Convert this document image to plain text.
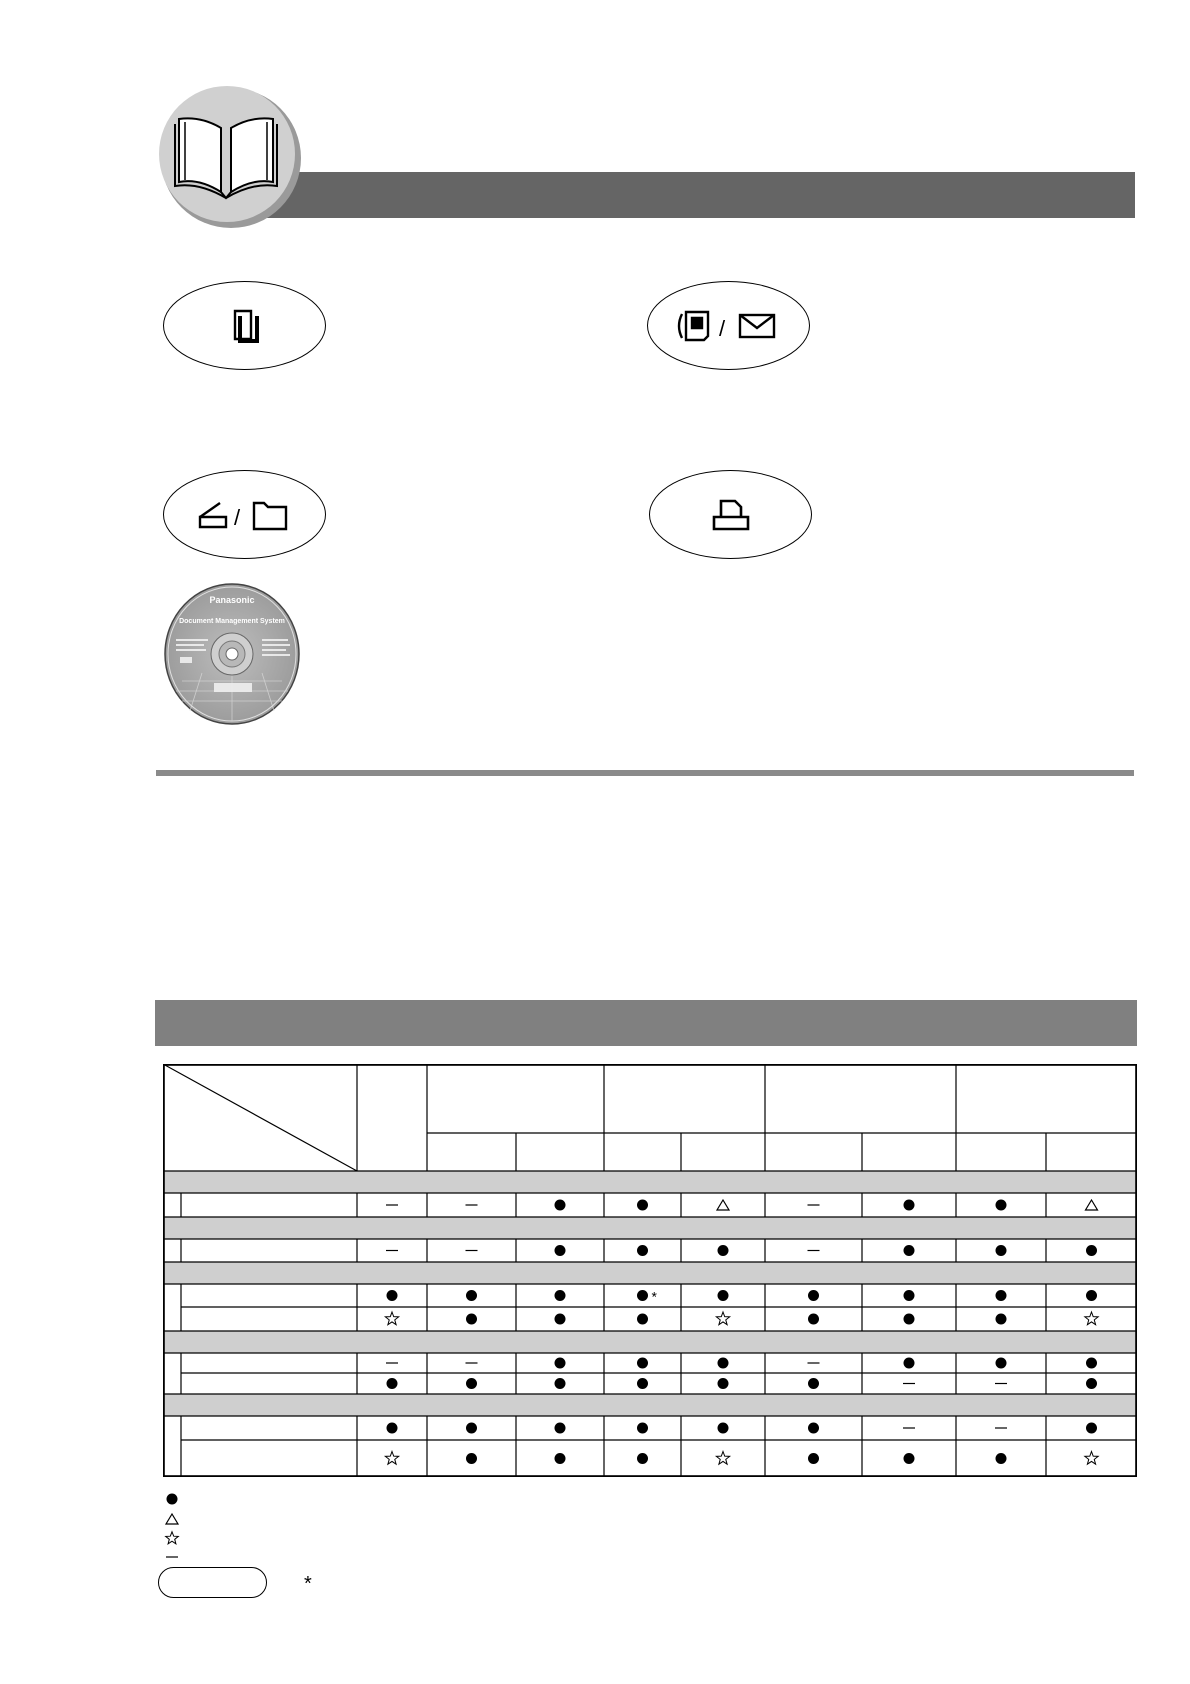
/
/
Panasonic
Document Management System
*
*
